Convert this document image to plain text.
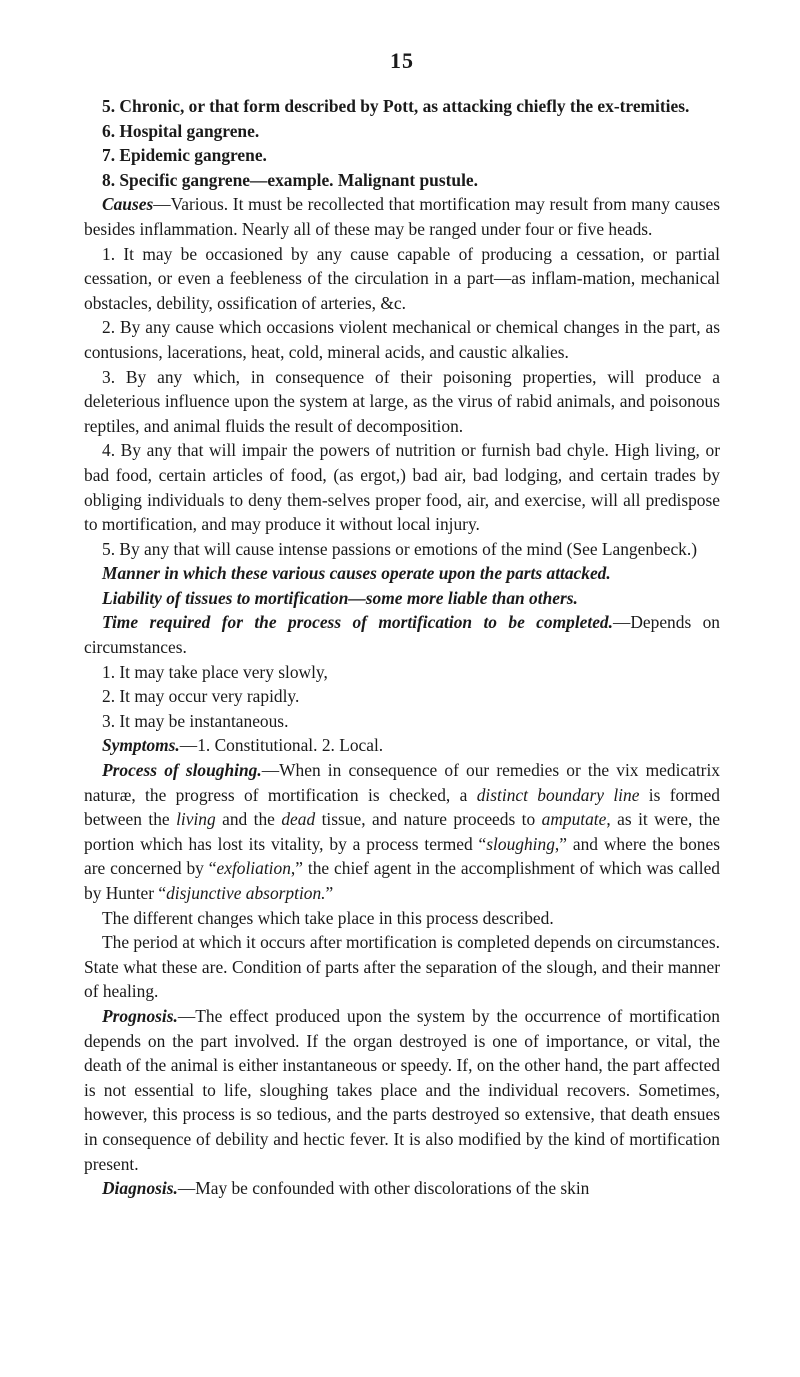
15

5. Chronic, or that form described by Pott, as attacking chiefly the ex-tremities.

6. Hospital gangrene.

7. Epidemic gangrene.

8. Specific gangrene—example. Malignant pustule.

Causes—Various. It must be recollected that mortification may result from many causes besides inflammation. Nearly all of these may be ranged under four or five heads.

1. It may be occasioned by any cause capable of producing a cessation, or partial cessation, or even a feebleness of the circulation in a part—as inflam-mation, mechanical obstacles, debility, ossification of arteries, &c.

2. By any cause which occasions violent mechanical or chemical changes in the part, as contusions, lacerations, heat, cold, mineral acids, and caustic alkalies.

3. By any which, in consequence of their poisoning properties, will produce a deleterious influence upon the system at large, as the virus of rabid animals, and poisonous reptiles, and animal fluids the result of decomposition.

4. By any that will impair the powers of nutrition or furnish bad chyle. High living, or bad food, certain articles of food, (as ergot,) bad air, bad lodging, and certain trades by obliging individuals to deny them-selves proper food, air, and exercise, will all predispose to mortification, and may produce it without local injury.

5. By any that will cause intense passions or emotions of the mind (See Langenbeck.)

Manner in which these various causes operate upon the parts attacked.

Liability of tissues to mortification—some more liable than others.

Time required for the process of mortification to be completed.—Depends on circumstances.

1. It may take place very slowly,

2. It may occur very rapidly.

3. It may be instantaneous.

Symptoms.—1. Constitutional. 2. Local.

Process of sloughing.—When in consequence of our remedies or the vix medicatrix naturæ, the progress of mortification is checked, a distinct boundary line is formed between the living and the dead tissue, and nature proceeds to amputate, as it were, the portion which has lost its vitality, by a process termed “sloughing,” and where the bones are concerned by “exfoliation,” the chief agent in the accomplishment of which was called by Hunter “disjunctive absorption.”

The different changes which take place in this process described.

The period at which it occurs after mortification is completed depends on circumstances. State what these are. Condition of parts after the separation of the slough, and their manner of healing.

Prognosis.—The effect produced upon the system by the occurrence of mortification depends on the part involved. If the organ destroyed is one of importance, or vital, the death of the animal is either instantaneous or speedy. If, on the other hand, the part affected is not essential to life, sloughing takes place and the individual recovers. Sometimes, however, this process is so tedious, and the parts destroyed so extensive, that death ensues in consequence of debility and hectic fever. It is also modified by the kind of mortification present.

Diagnosis.—May be confounded with other discolorations of the skin
